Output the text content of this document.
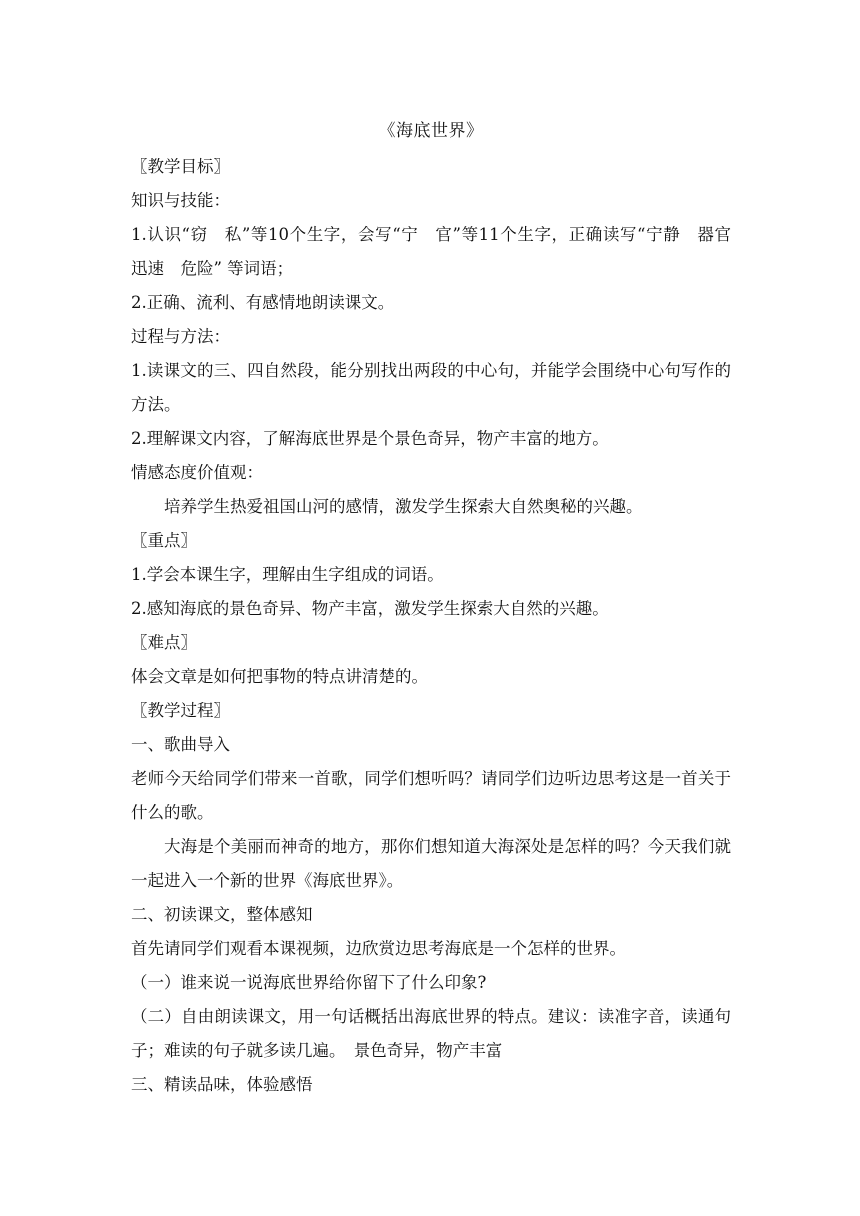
《海底世界》

〖教学目标〗

知识与技能：

1.认识“窃　私”等10个生字，会写“宁　官”等11个生字，正确读写“宁静　器官　迅速　危险” 等词语；

2.正确、流利、有感情地朗读课文。

过程与方法：

1.读课文的三、四自然段，能分别找出两段的中心句，并能学会围绕中心句写作的方法。

2.理解课文内容，了解海底世界是个景色奇异，物产丰富的地方。

情感态度价值观：

培养学生热爱祖国山河的感情，激发学生探索大自然奥秘的兴趣。

〖重点〗

1.学会本课生字，理解由生字组成的词语。

2.感知海底的景色奇异、物产丰富，激发学生探索大自然的兴趣。

〖难点〗

体会文章是如何把事物的特点讲清楚的。

〖教学过程〗

一、歌曲导入

老师今天给同学们带来一首歌，同学们想听吗？请同学们边听边思考这是一首关于什么的歌。

大海是个美丽而神奇的地方，那你们想知道大海深处是怎样的吗？今天我们就一起进入一个新的世界《海底世界》。

二、初读课文，整体感知

首先请同学们观看本课视频，边欣赏边思考海底是一个怎样的世界。

（一）谁来说一说海底世界给你留下了什么印象?

（二）自由朗读课文，用一句话概括出海底世界的特点。建议：读准字音，读通句子；难读的句子就多读几遍。　景色奇异，物产丰富

三、精读品味，体验感悟
